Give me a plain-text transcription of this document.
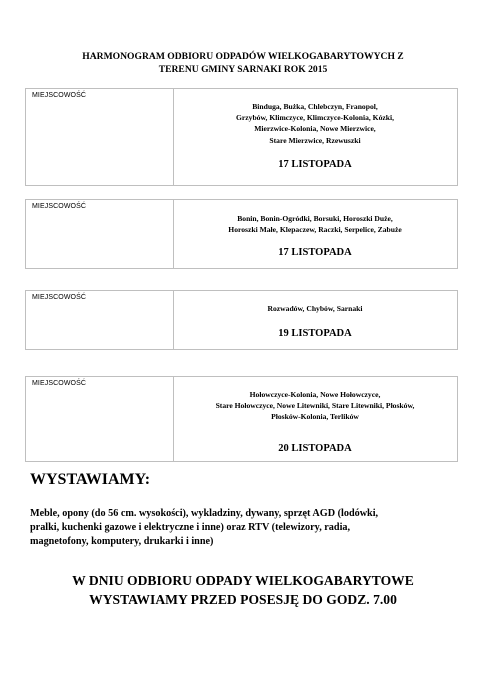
HARMONOGRAM ODBIORU ODPADÓW WIELKOGABARYTOWYCH Z
TERENU GMINY SARNAKI ROK 2015
MIEJSCOWOŚĆ
Binduga, Bużka, Chlebczyn, Franopol,
Grzybów, Klimczyce, Klimczyce-Kolonia, Kózki,
Mierzwice-Kolonia, Nowe Mierzwice,
Stare Mierzwice, Rzewuszki
17 LISTOPADA
MIEJSCOWOŚĆ
Bonin, Bonin-Ogródki, Borsuki, Horoszki Duże,
Horoszki Małe, Klepaczew, Raczki, Serpelice, Zabuże
17 LISTOPADA
MIEJSCOWOŚĆ
Rozwadów, Chybów, Sarnaki
19 LISTOPADA
MIEJSCOWOŚĆ
Hołowczyce-Kolonia, Nowe Hołowczyce,
Stare Hołowczyce, Nowe Litewniki, Stare Litewniki, Płosków,
Płosków-Kolonia, Terlików
20 LISTOPADA
WYSTAWIAMY:
Meble, opony (do 56 cm. wysokości), wykladziny, dywany, sprzęt AGD (lodówki,
pralki, kuchenki gazowe i elektryczne i inne) oraz RTV (telewizory, radia,
magnetofony, komputery, drukarki i inne)
W DNIU ODBIORU ODPADY WIELKOGABARYTOWE
WYSTAWIAMY PRZED POSESJĘ DO GODZ. 7.00
